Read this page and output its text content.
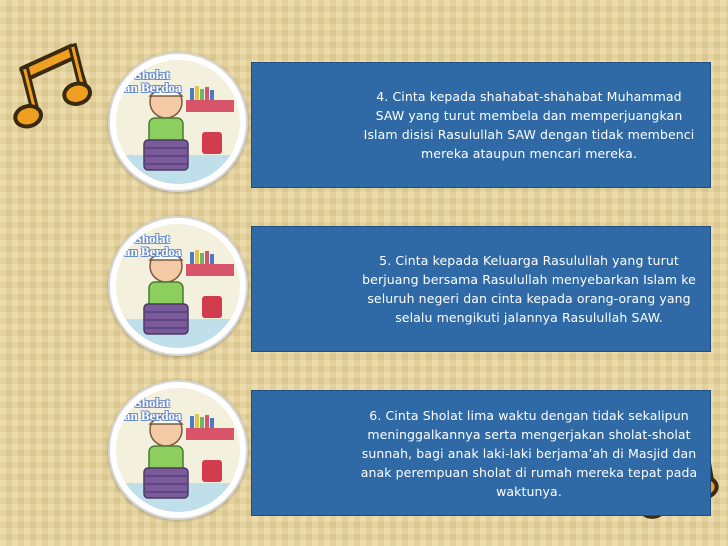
4. Cinta kepada shahabat-shahabat Muhammad SAW yang turut membela dan memperjuangkan Islam disisi Rasulullah SAW dengan tidak membenci mereka ataupun mencari mereka.
d Sholat
an Berdoa
5. Cinta kepada Keluarga Rasulullah yang turut berjuang bersama Rasulullah menyebarkan Islam ke seluruh negeri dan cinta kepada orang-orang yang selalu mengikuti jalannya Rasulullah SAW.
d Sholat
an Berdoa
6. Cinta Sholat lima waktu dengan tidak sekalipun meninggalkannya serta mengerjakan sholat-sholat sunnah, bagi anak laki-laki berjama’ah di Masjid dan anak perempuan sholat di rumah mereka tepat pada waktunya.
d Sholat
an Berdoa
